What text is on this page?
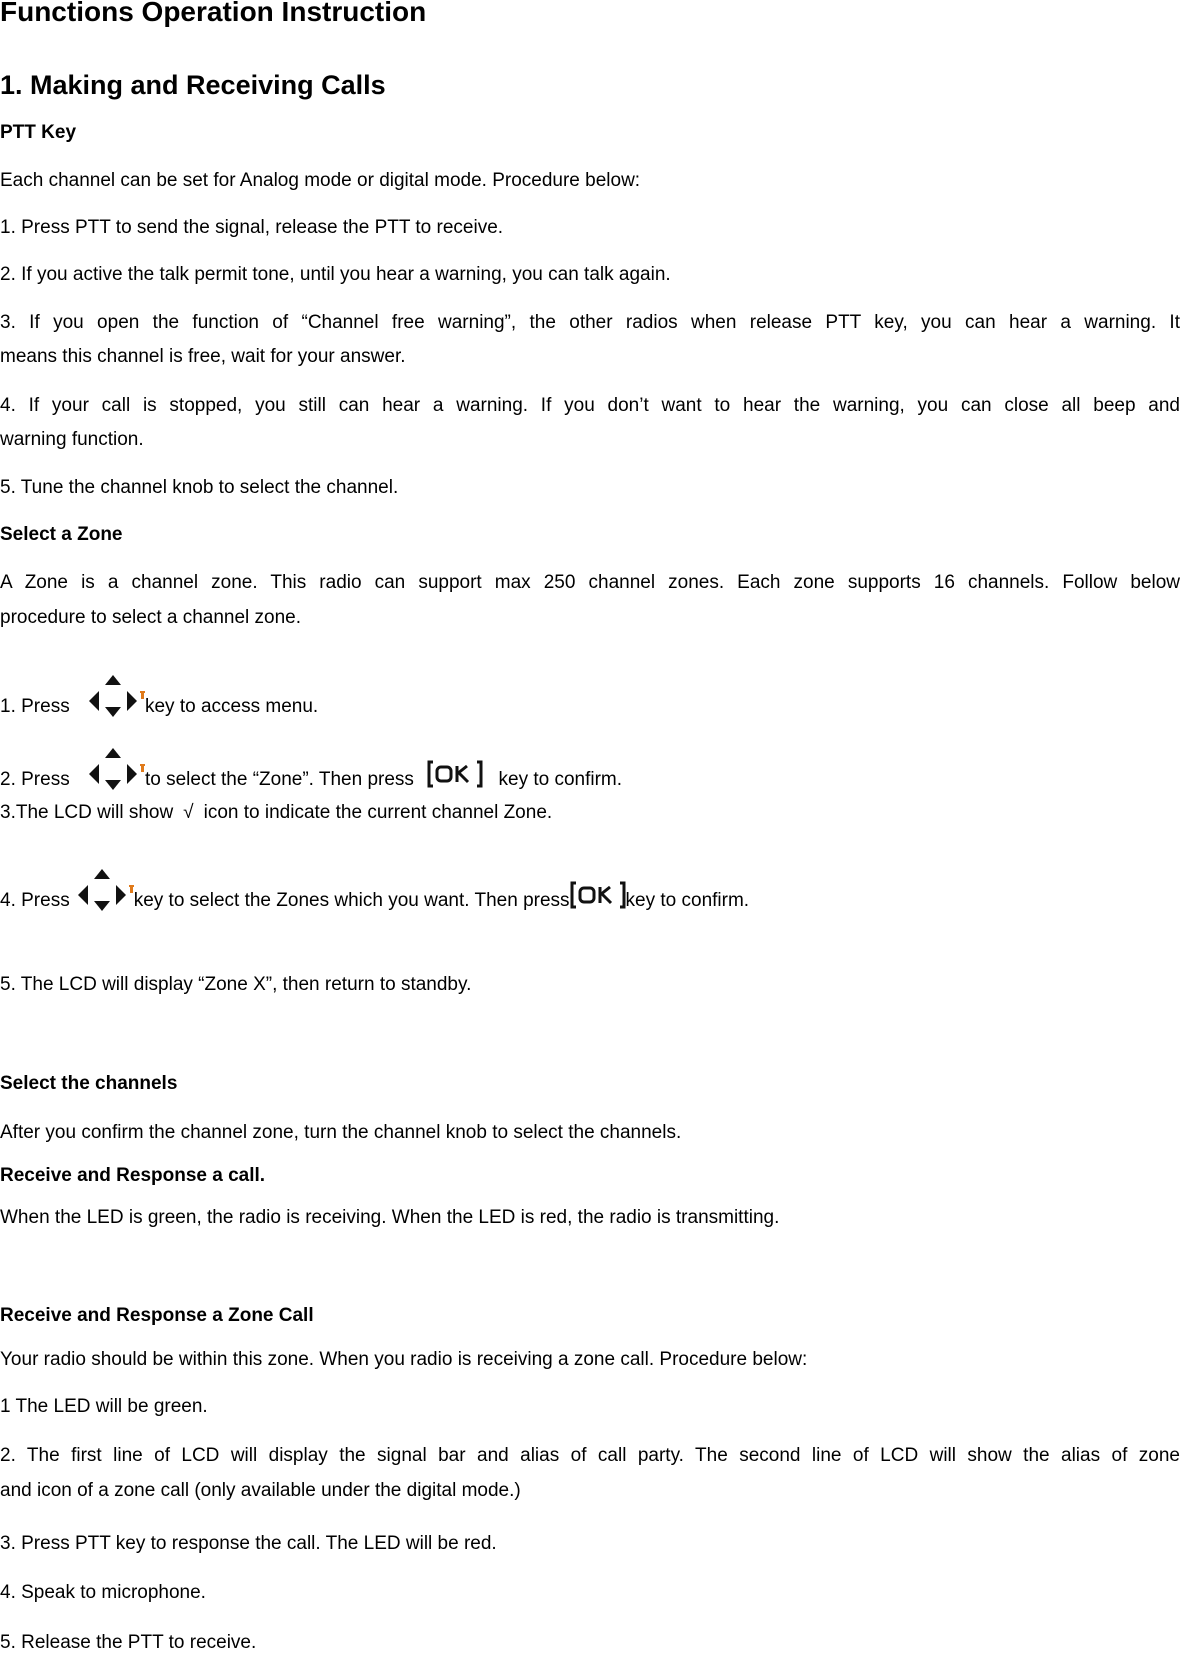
Functions Operation Instruction

1. Making and Receiving Calls

PTT Key

Each channel can be set for Analog mode or digital mode. Procedure below:

1. Press PTT to send the signal, release the PTT to receive.

2. If you active the talk permit tone, until you hear a warning, you can talk again.

3. If you open the function of “Channel free warning”, the other radios when release PTT key, you can hear a warning. It

means this channel is free, wait for your answer.

4. If your call is stopped, you still can hear a warning. If you don’t want to hear the warning, you can close all beep and

warning function.

5. Tune the channel knob to select the channel.

Select a Zone

A Zone is a channel zone. This radio can support max 250 channel zones. Each zone supports 16 channels. Follow below

procedure to select a channel zone.

1. Press	key to access menu.

2. Press	to select the “Zone”. Then press	key to confirm.

3.The LCD will show √ icon to indicate the current channel Zone.

4. Press	key to select the Zones which you want. Then press	key to confirm.

5. The LCD will display “Zone X”, then return to standby.

Select the channels

After you confirm the channel zone, turn the channel knob to select the channels.

Receive and Response a call.

When the LED is green, the radio is receiving. When the LED is red, the radio is transmitting.

Receive and Response a Zone Call

Your radio should be within this zone. When you radio is receiving a zone call. Procedure below:

1 The LED will be green.

2. The first line of LCD will display the signal bar and alias of call party. The second line of LCD will show the alias of zone

and icon of a zone call (only available under the digital mode.)

3. Press PTT key to response the call. The LED will be red.

4. Speak to microphone.

5. Release the PTT to receive.
